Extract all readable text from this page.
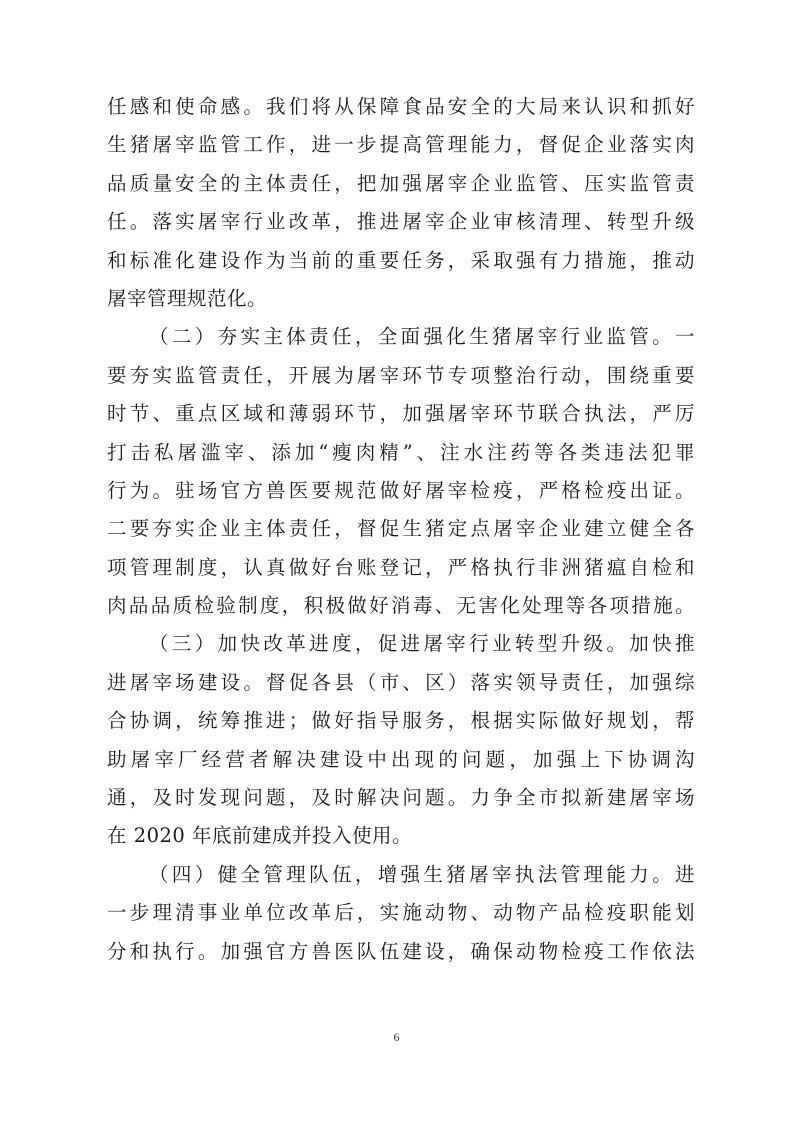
任感和使命感。我们将从保障食品安全的大局来认识和抓好
生猪屠宰监管工作，进一步提高管理能力，督促企业落实肉
品质量安全的主体责任，把加强屠宰企业监管、压实监管责
任。落实屠宰行业改革，推进屠宰企业审核清理、转型升级
和标准化建设作为当前的重要任务，采取强有力措施，推动
屠宰管理规范化。
（二）夯实主体责任，全面强化生猪屠宰行业监管。一
要夯实监管责任，开展为屠宰环节专项整治行动，围绕重要
时节、重点区域和薄弱环节，加强屠宰环节联合执法，严厉
打击私屠滥宰、添加“瘦肉精”、注水注药等各类违法犯罪
行为。驻场官方兽医要规范做好屠宰检疫，严格检疫出证。
二要夯实企业主体责任，督促生猪定点屠宰企业建立健全各
项管理制度，认真做好台账登记，严格执行非洲猪瘟自检和
肉品品质检验制度，积极做好消毒、无害化处理等各项措施。
（三）加快改革进度，促进屠宰行业转型升级。加快推
进屠宰场建设。督促各县（市、区）落实领导责任，加强综
合协调，统筹推进；做好指导服务，根据实际做好规划，帮
助屠宰厂经营者解决建设中出现的问题，加强上下协调沟
通，及时发现问题，及时解决问题。力争全市拟新建屠宰场
在 2020 年底前建成并投入使用。
（四）健全管理队伍，增强生猪屠宰执法管理能力。进
一步理清事业单位改革后，实施动物、动物产品检疫职能划
分和执行。加强官方兽医队伍建设，确保动物检疫工作依法
6
